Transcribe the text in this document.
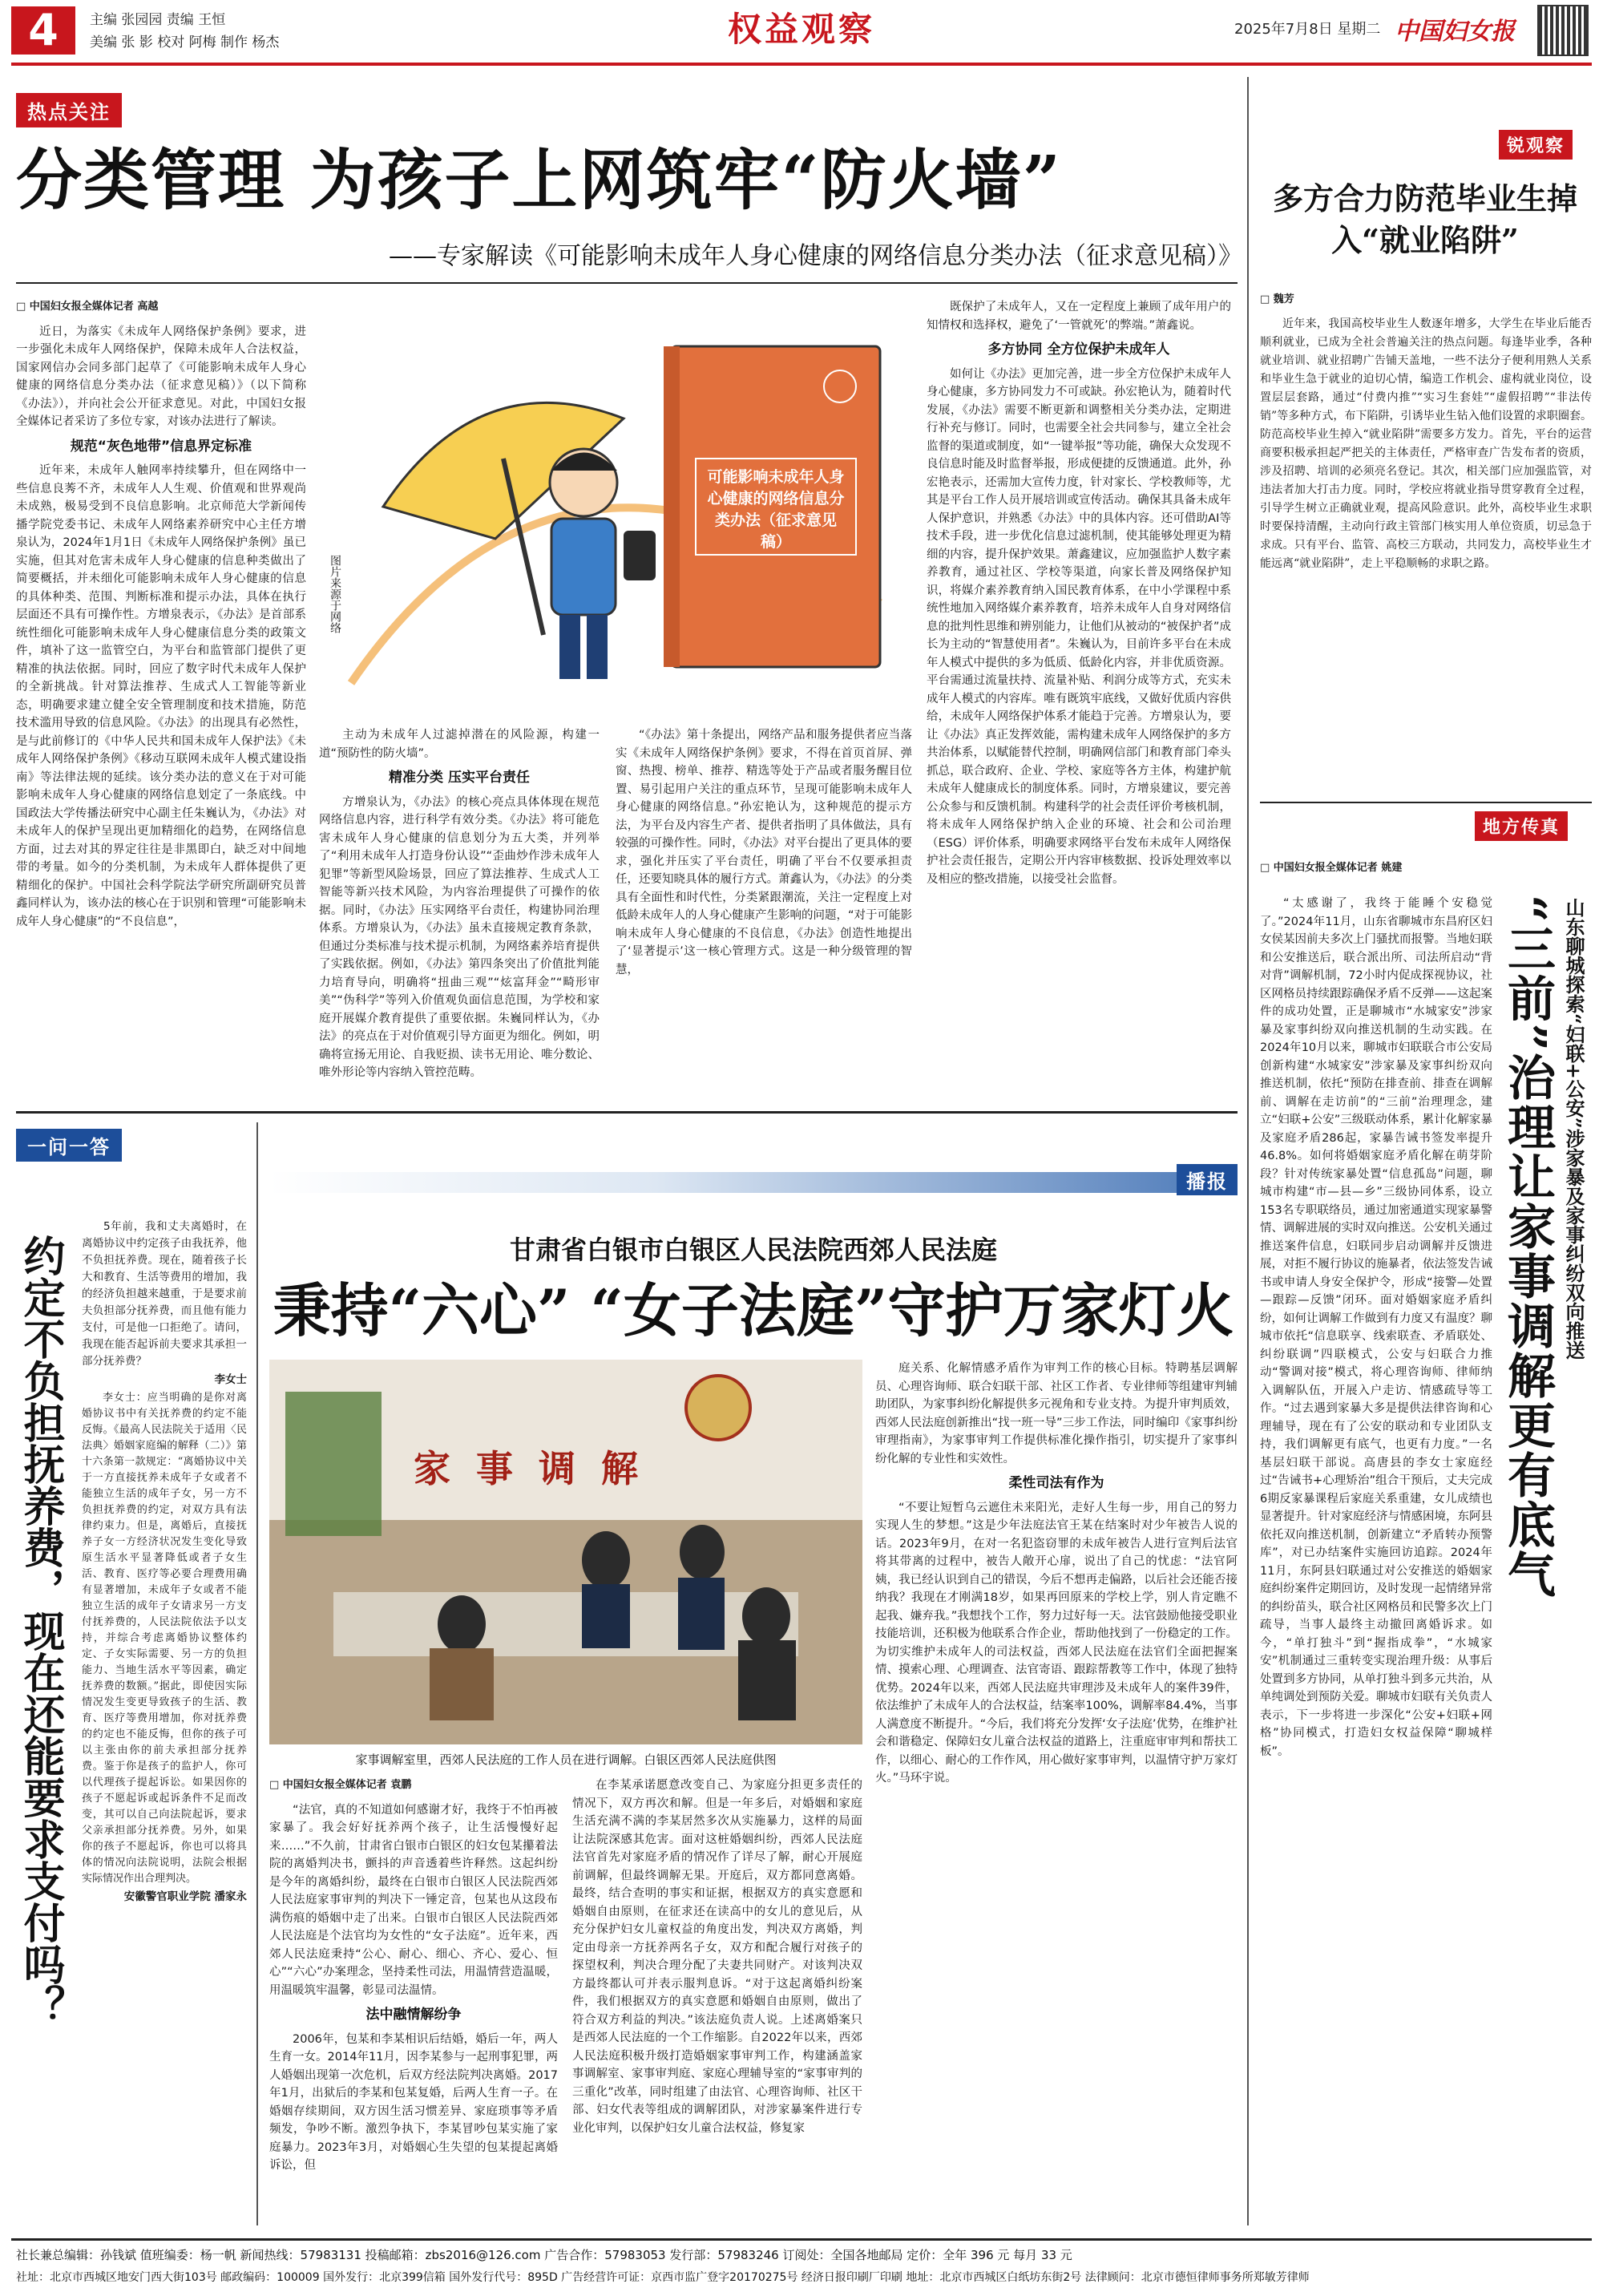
4	主编 张园园 责编 王恒
美编 张 影 校对 阿梅 制作 杨杰	权益观察	2025年7月8日 星期二 中国妇女报
热点关注
分类管理 为孩子上网筑牢“防火墙”
——专家解读《可能影响未成年人身心健康的网络信息分类办法（征求意见稿）》

□ 中国妇女报全媒体记者 高越

近日，为落实《未成年人网络保护条例》要求，进一步强化未成年人网络保护，保障未成年人合法权益，国家网信办会同多部门起草了《可能影响未成年人身心健康的网络信息分类办法（征求意见稿）》（以下简称《办法》），并向社会公开征求意见。对此，中国妇女报全媒体记者采访了多位专家，对该办法进行了解读。

规范“灰色地带”信息界定标准

近年来，未成年人触网率持续攀升，但在网络中一些信息良莠不齐，未成年人人生观、价值观和世界观尚未成熟，极易受到不良信息影响。北京师范大学新闻传播学院党委书记、未成年人网络素养研究中心主任方增泉认为，2024年1月1日《未成年人网络保护条例》虽已实施，但其对危害未成年人身心健康的信息种类做出了简要概括，并未细化可能影响未成年人身心健康的信息的具体种类、范围、判断标准和提示办法，具体在执行层面还不具有可操作性。方增泉表示，《办法》是首部系统性细化可能影响未成年人身心健康信息分类的政策文件，填补了这一监管空白，为平台和监管部门提供了更精准的执法依据。同时，回应了数字时代未成年人保护的全新挑战。针对算法推荐、生成式人工智能等新业态，明确要求建立健全安全管理制度和技术措施，防范技术滥用导致的信息风险。《办法》的出现具有必然性，是与此前修订的《中华人民共和国未成年人保护法》《未成年人网络保护条例》《移动互联网未成年人模式建设指南》等法律法规的延续。该分类办法的意义在于对可能影响未成年人身心健康的网络信息划定了一条底线。中国政法大学传播法研究中心副主任朱巍认为，《办法》对未成年人的保护呈现出更加精细化的趋势，在网络信息方面，过去对其的界定往往是非黑即白，缺乏对中间地带的考量。如今的分类机制，为未成年人群体提供了更精细化的保护。中国社会科学院法学研究所副研究员普鑫同样认为，该办法的核心在于识别和管理“可能影响未成年人身心健康”的“不良信息”，

可能影响未成年人身心健康的网络信息分类办法（征求意见稿）
图片来源于网络

主动为未成年人过滤掉潜在的风险源，构建一道“预防性的防火墙”。

精准分类 压实平台责任

方增泉认为，《办法》的核心亮点具体体现在规范网络信息内容，进行科学有效分类。《办法》将可能危害未成年人身心健康的信息划分为五大类，并列举了“利用未成年人打造身份认设”“歪曲炒作涉未成年人犯罪”等新型风险场景，回应了算法推荐、生成式人工智能等新兴技术风险，为内容治理提供了可操作的依据。同时，《办法》压实网络平台责任，构建协同治理体系。方增泉认为，《办法》虽未直接规定教育条款，但通过分类标准与技术提示机制，为网络素养培育提供了实践依据。例如，《办法》第四条突出了价值批判能力培育导向，明确将“扭曲三观”“炫富拜金”“畸形审美”“伪科学”等列入价值观负面信息范围，为学校和家庭开展媒介教育提供了重要依据。朱巍同样认为，《办法》的亮点在于对价值观引导方面更为细化。例如，明确将宣扬无用论、自我贬损、读书无用论、唯分数论、唯外形论等内容纳入管控范畴。

“《办法》第十条提出，网络产品和服务提供者应当落实《未成年人网络保护条例》要求，不得在首页首屏、弹窗、热搜、榜单、推荐、精选等处于产品或者服务醒目位置、易引起用户关注的重点环节，呈现可能影响未成年人身心健康的网络信息。”孙宏艳认为，这种规范的提示方法，为平台及内容生产者、提供者指明了具体做法，具有较强的可操作性。同时，《办法》对平台提出了更具体的要求，强化并压实了平台责任，明确了平台不仅要承担责任，还要知晓具体的履行方式。萧鑫认为，《办法》的分类具有全面性和时代性，分类紧跟潮流，关注一定程度上对低龄未成年人的人身心健康产生影响的问题，“对于可能影响未成年人身心健康的不良信息，《办法》创造性地提出了‘显著提示’这一核心管理方式。这是一种分级管理的智慧，

既保护了未成年人，又在一定程度上兼顾了成年用户的知情权和选择权，避免了‘一管就死’的弊端。”萧鑫说。

多方协同 全方位保护未成年人

如何让《办法》更加完善，进一步全方位保护未成年人身心健康，多方协同发力不可或缺。孙宏艳认为，随着时代发展，《办法》需要不断更新和调整相关分类办法，定期进行补充与修订。同时，也需要全社会共同参与，建立全社会监督的渠道或制度，如“一键举报”等功能，确保大众发现不良信息时能及时监督举报，形成便捷的反馈通道。此外，孙宏艳表示，还需加大宣传力度，针对家长、学校教师等，尤其是平台工作人员开展培训或宣传活动。确保其具备未成年人保护意识，并熟悉《办法》中的具体内容。还可借助AI等技术手段，进一步优化信息过滤机制，使其能够处理更为精细的内容，提升保护效果。萧鑫建议，应加强监护人数字素养教育，通过社区、学校等渠道，向家长普及网络保护知识，将媒介素养教育纳入国民教育体系，在中小学课程中系统性地加入网络媒介素养教育，培养未成年人自身对网络信息的批判性思维和辨别能力，让他们从被动的“被保护者”成长为主动的“智慧使用者”。朱巍认为，目前许多平台在未成年人模式中提供的多为低质、低龄化内容，并非优质资源。平台需通过流量扶持、流量补贴、利润分成等方式，充实未成年人模式的内容库。唯有既筑牢底线，又做好优质内容供给，未成年人网络保护体系才能趋于完善。方增泉认为，要让《办法》真正发挥效能，需构建未成年人网络保护的多方共治体系，以赋能替代控制，明确网信部门和教育部门牵头抓总，联合政府、企业、学校、家庭等各方主体，构建护航未成年人健康成长的制度体系。同时，方增泉建议，要完善公众参与和反馈机制。构建科学的社会责任评价考核机制，将未成年人网络保护纳入企业的环境、社会和公司治理（ESG）评价体系，明确要求网络平台发布未成年人网络保护社会责任报告，定期公开内容审核数据、投诉处理效率以及相应的整改措施，以接受社会监督。

锐观察
多方合力防范毕业生掉入“就业陷阱”

□ 魏芳

近年来，我国高校毕业生人数逐年增多，大学生在毕业后能否顺利就业，已成为全社会普遍关注的热点问题。每逢毕业季，各种就业培训、就业招聘广告铺天盖地，一些不法分子便利用熟人关系和毕业生急于就业的迫切心情，编造工作机会、虚构就业岗位，设置层层套路，通过“付费内推”“实习生套娃”“虚假招聘”“非法传销”等多种方式，布下陷阱，引诱毕业生钻入他们设置的求职圈套。防范高校毕业生掉入“就业陷阱”需要多方发力。首先，平台的运营商要积极承担起严把关的主体责任，严格审查广告发布者的资质，涉及招聘、培训的必须亮名登记。其次，相关部门应加强监管，对违法者加大打击力度。同时，学校应将就业指导贯穿教育全过程，引导学生树立正确就业观，提高风险意识。此外，高校毕业生求职时要保持清醒，主动向行政主管部门核实用人单位资质，切忌急于求成。只有平台、监管、高校三方联动，共同发力，高校毕业生才能远离“就业陷阱”，走上平稳顺畅的求职之路。

地方传真

□ 中国妇女报全媒体记者 姚建

山东聊城探索“妇联+公安”涉家暴及家事纠纷双向推送
“三前”治理让家事调解更有底气

“太感谢了，我终于能睡个安稳觉了。”2024年11月，山东省聊城市东昌府区妇女侯某因前夫多次上门骚扰而报警。当地妇联和公安推送后，联合派出所、司法所启动“背对背”调解机制，72小时内促成探视协议，社区网格员持续跟踪确保矛盾不反弹——这起案件的成功处置，正是聊城市“水城家安”涉家暴及家事纠纷双向推送机制的生动实践。在2024年10月以来，聊城市妇联联合市公安局创新构建“水城家安”涉家暴及家事纠纷双向推送机制，依托“预防在排查前、排查在调解前、调解在走访前”的“三前”治理理念，建立“妇联+公安”三级联动体系，累计化解家暴及家庭矛盾286起，家暴告诫书签发率提升46.8%。如何将婚姻家庭矛盾化解在萌芽阶段？针对传统家暴处置“信息孤岛”问题，聊城市构建“市—县—乡”三级协同体系，设立153名专职联络员，通过加密通道实现家暴警情、调解进展的实时双向推送。公安机关通过推送案件信息，妇联同步启动调解并反馈进展，对拒不履行协议的施暴者，依法签发告诫书或申请人身安全保护令，形成“接警—处置—跟踪—反馈”闭环。面对婚姻家庭矛盾纠纷，如何让调解工作做到有力度又有温度？聊城市依托“信息联享、线索联查、矛盾联处、纠纷联调”四联模式，公安与妇联合力推动“警调对接”模式，将心理咨询师、律师纳入调解队伍，开展入户走访、情感疏导等工作。“过去遇到家暴大多是提供法律咨询和心理辅导，现在有了公安的联动和专业团队支持，我们调解更有底气，也更有力度。”一名基层妇联干部说。高唐县的李女士家庭经过“告诫书+心理矫治”组合干预后，丈夫完成6期反家暴课程后家庭关系重建，女儿成绩也显著提升。针对家庭经济与情感困境，东阿县依托双向推送机制，创新建立“矛盾转办预警库”，对已办结案件实施回访追踪。2024年11月，东阿县妇联通过对公安推送的婚姻家庭纠纷案件定期回访，及时发现一起情绪异常的纠纷苗头，联合社区网格员和民警多次上门疏导，当事人最终主动撤回离婚诉求。如今，“单打独斗”到“握指成拳”，“水城家安”机制通过三重转变实现治理升级：从事后处置到多方协同，从单打独斗到多元共治，从单纯调处到预防关爱。聊城市妇联有关负责人表示，下一步将进一步深化“公安+妇联+网格”协同模式，打造妇女权益保障“聊城样板”。

一问一答
约定不负担抚养费，现在还能要求支付吗？

5年前，我和丈夫离婚时，在离婚协议中约定孩子由我抚养，他不负担抚养费。现在，随着孩子长大和教育、生活等费用的增加，我的经济负担越来越重，于是要求前夫负担部分抚养费，而且他有能力支付，可是他一口拒绝了。请问，我现在能否起诉前夫要求其承担一部分抚养费？

李女士

李女士：应当明确的是你对离婚协议书中有关抚养费的约定不能反悔。《最高人民法院关于适用〈民法典〉婚姻家庭编的解释（二）》第十六条第一款规定：“离婚协议中关于一方直接抚养未成年子女或者不能独立生活的成年子女，另一方不负担抚养费的约定，对双方具有法律约束力。但是，离婚后，直接抚养子女一方经济状况发生变化导致原生活水平显著降低或者子女生活、教育、医疗等必要合理费用确有显著增加，未成年子女或者不能独立生活的成年子女请求另一方支付抚养费的，人民法院依法予以支持，并综合考虑离婚协议整体约定、子女实际需要、另一方的负担能力、当地生活水平等因素，确定抚养费的数额。”据此，即使因实际情况发生变更导致孩子的生活、教育、医疗等费用增加，你对抚养费的约定也不能反悔，但你的孩子可以主张由你的前夫承担部分抚养费。鉴于你是孩子的监护人，你可以代理孩子提起诉讼。如果因你的孩子不愿起诉或起诉条件不足而改变，其可以自己向法院起诉，要求父亲承担部分抚养费。另外，如果你的孩子不愿起诉，你也可以将具体的情况向法院说明，法院会根据实际情况作出合理判决。

安徽警官职业学院 潘家永

播报
甘肃省白银市白银区人民法院西郊人民法庭
秉持“六心” “女子法庭”守护万家灯火
家 事 调 解
家事调解室里，西郊人民法庭的工作人员在进行调解。白银区西郊人民法庭供图

□ 中国妇女报全媒体记者 袁鹏

“法官，真的不知道如何感谢才好，我终于不怕再被家暴了。我会好好抚养两个孩子，让生活慢慢好起来……”不久前，甘肃省白银市白银区的妇女包某攥着法院的离婚判决书，颤抖的声音透着些许释然。这起纠纷是今年的离婚纠纷，最终在白银市白银区人民法院西郊人民法庭家事审判的判决下一锤定音，包某也从这段布满伤痕的婚姻中走了出来。白银市白银区人民法院西郊人民法庭是个法官均为女性的“女子法庭”。近年来，西郊人民法庭秉持“公心、耐心、细心、齐心、爱心、恒心”“六心”办案理念，坚持柔性司法，用温情营造温暖，用温暖筑牢温馨，彰显司法温情。

法中融情解纷争

2006年，包某和李某相识后结婚，婚后一年，两人生育一女。2014年11月，因李某参与一起刑事犯罪，两人婚姻出现第一次危机，后双方经法院判决离婚。2017年1月，出狱后的李某和包某复婚，后两人生育一子。在婚姻存续期间，双方因生活习惯差异、家庭琐事等矛盾频发，争吵不断。激烈争执下，李某冒吵包某实施了家庭暴力。2023年3月，对婚姻心生失望的包某提起离婚诉讼，但

在李某承诺愿意改变自己、为家庭分担更多责任的情况下，双方再次和解。但是一年多后，对婚姻和家庭生活充满不满的李某居然多次从实施暴力，这样的局面让法院深感其危害。面对这桩婚姻纠纷，西郊人民法庭法官首先对家庭矛盾的情况作了详尽了解，耐心开展庭前调解，但最终调解无果。开庭后，双方都同意离婚。最终，结合查明的事实和证据，根据双方的真实意愿和婚姻自由原则，在征求还在读高中的女儿的意见后，从充分保护妇女儿童权益的角度出发，判决双方离婚，判定由母亲一方抚养两名子女，双方和配合履行对孩子的探望权利，判决合理分配了夫妻共同财产。对该判决双方最终都认可并表示服判息诉。“对于这起离婚纠纷案件，我们根据双方的真实意愿和婚姻自由原则，做出了符合双方利益的判决。”该法庭负责人说。上述离婚案只是西郊人民法庭的一个工作缩影。自2022年以来，西郊人民法庭积极升级打造婚姻家事审判工作，构建涵盖家事调解室、家事审判庭、家庭心理辅导室的“家事审判的三重化”改革，同时组建了由法官、心理咨询师、社区干部、妇女代表等组成的调解团队，对涉家暴案件进行专业化审判，以保护妇女儿童合法权益，修复家

庭关系、化解情感矛盾作为审判工作的核心目标。特聘基层调解员、心理咨询师、联合妇联干部、社区工作者、专业律师等组建审判辅助团队，为家事纠纷化解提供多元视角和专业支持。为提升审判质效，西郊人民法庭创新推出“找一班一导”三步工作法，同时编印《家事纠纷审理指南》，为家事审判工作提供标准化操作指引，切实提升了家事纠纷化解的专业性和实效性。

柔性司法有作为

“不要让短暂乌云遮住未来阳光，走好人生每一步，用自己的努力实现人生的梦想。”这是少年法庭法官王某在结案时对少年被告人说的话。2023年9月，在对一名犯盗窃罪的未成年被告人进行宣判后法官将其带离的过程中，被告人敞开心扉，说出了自己的忧虑：“法官阿姨，我已经认识到自己的错误，今后不想再走偏路，以后社会还能否接纳我？我现在才刚满18岁，如果再回原来的学校上学，别人肯定瞧不起我、嫌弃我。”我想找个工作，努力过好每一天。法官鼓励他接受职业技能培训，还积极为他联系合作企业，帮助他找到了一份稳定的工作。为切实维护未成年人的司法权益，西郊人民法庭在法官们全面把握案情、摸索心理、心理调查、法官寄语、跟踪帮教等工作中，体现了独特优势。2024年以来，西郊人民法庭共审理涉及未成年人的案件39件，依法维护了未成年人的合法权益，结案率100%，调解率84.4%，当事人满意度不断提升。“今后，我们将充分发挥‘女子法庭’优势，在维护社会和谐稳定、保障妇女儿童合法权益的道路上，注重庭审审判和帮扶工作，以细心、耐心的工作作风，用心做好家事审判，以温情守护万家灯火。”马环宇说。

社长兼总编辑：孙钱斌 值班编委：杨一帆 新闻热线：57983131 投稿邮箱：zbs2016@126.com 广告合作：57983053 发行部：57983246 订阅处：全国各地邮局 定价：全年 396 元 每月 33 元
社址：北京市西城区地安门西大街103号 邮政编码：100009 国外发行：北京399信箱 国外发行代号：895D 广告经营许可证：京西市监广登字20170275号 经济日报印刷厂印刷 地址：北京市西城区白纸坊东街2号 法律顾问：北京市德恒律师事务所郑敏芳律师
